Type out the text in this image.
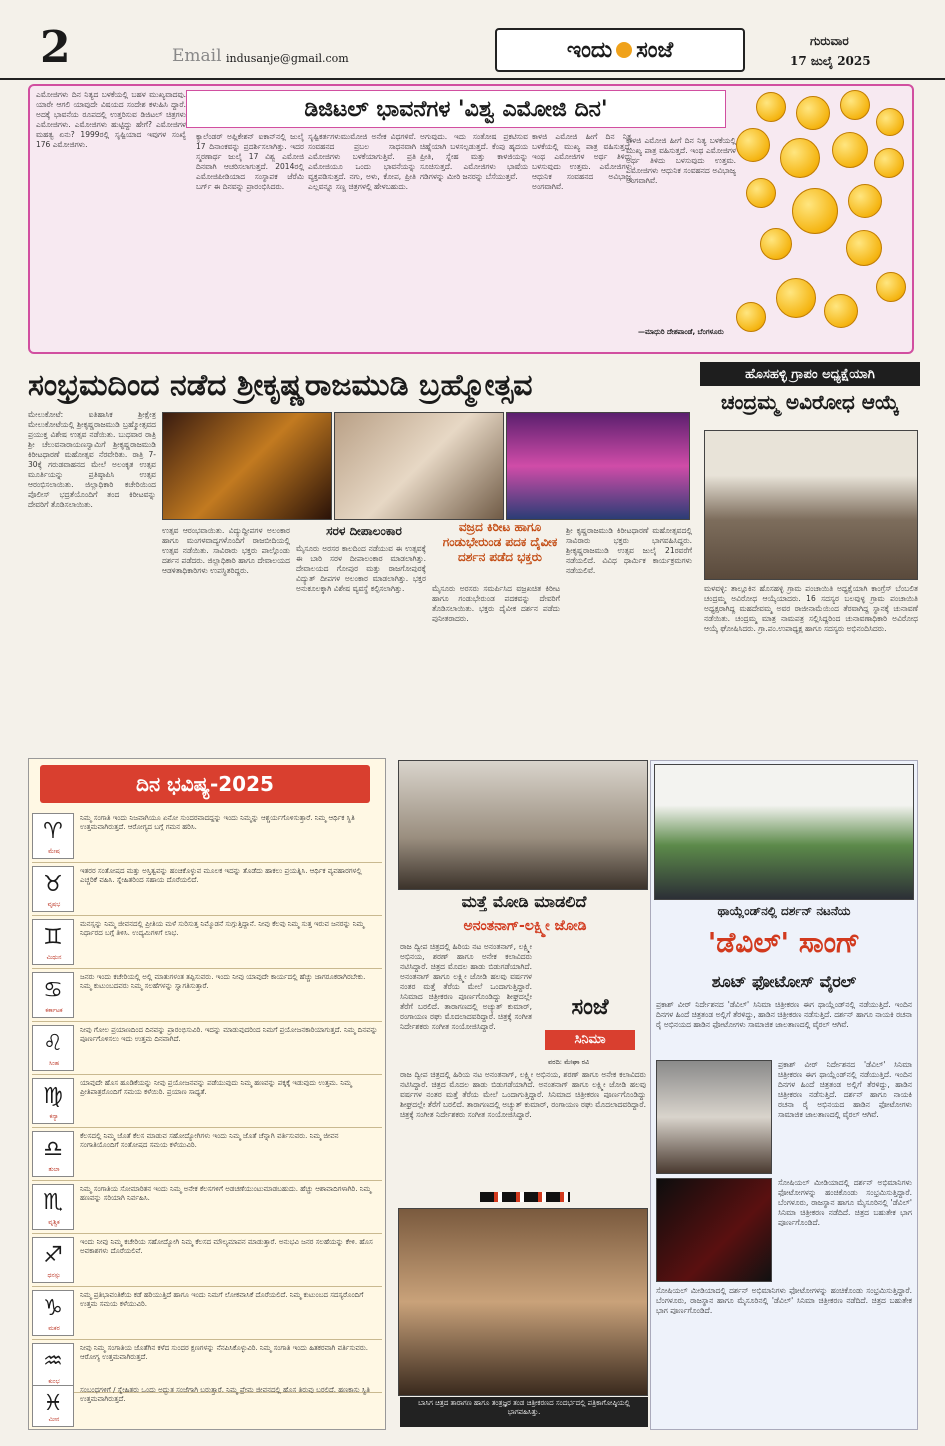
2	Email indusanje@gmail.com	ಇಂದು ಸಂಜೆ	ಗುರುವಾರ
17 ಜುಲೈ 2025
ಡಿಜಿಟಲ್ ಭಾವನೆಗಳ 'ವಿಶ್ವ ಎಮೋಜಿ ದಿನ'
ಎಮೋಜಿಗಳು ದಿನ ನಿತ್ಯದ ಬಳಕೆಯಲ್ಲಿ ಬಹಳ ಮುಖ್ಯವಾದವು. ಯಾರೇ ಆಗಲಿ ಯಾವುದೇ ವಿಷಯದ ಸಂದೇಶ ಕಳುಹಿಸಿ ದ್ದಾರೆ. ಅದಕ್ಕೆ ಭಾವನೆಯ ರೂಪದಲ್ಲಿ ಉತ್ತರಿಸುವ ಡಿಜಿಟಲ್ ಚಿತ್ರಗಳು ಎಮೋಜಿಗಳು. ಎಮೋಜಿಗಳು ಹುಟ್ಟಿದ್ದು ಹೇಗೆ? ಎಮೋಜಿಗಳ ಮಹತ್ವ ಏನು? 1999ರಲ್ಲಿ ಸೃಷ್ಟಿಯಾದ ಇವುಗಳ ಸಂಖ್ಯೆ 176 ಎಮೋಜಿಗಳು.
ಕ್ಯಾಲೆಂಡರ್ ಅಪ್ಲಿಕೇಶನ್ ಐಕಾನ್‌ನಲ್ಲಿ ಜುಲೈ 17 ದಿನಾಂಕವನ್ನು ಪ್ರದರ್ಶಿಸಲಾಗಿತ್ತು. ಇದರ ಸ್ಮರಣಾರ್ಥ ಜುಲೈ 17 ವಿಶ್ವ ಎಮೋಜಿ ದಿನವಾಗಿ ಆಚರಿಸಲಾಗುತ್ತದೆ. 2014ರಲ್ಲಿ ಎಮೋಜಿಪೀಡಿಯಾದ ಸಂಸ್ಥಾಪಕ ಜೆರೆಮಿ ಬರ್ಗ್ ಈ ದಿನವನ್ನು ಪ್ರಾರಂಭಿಸಿದರು.
ಸೃಷ್ಟಿಕರ್ತಗಳುಮುಮೋಜಿ ಅನೇಕ ವಿಧಗಳಿವೆ. ಸಂವಹನದ ಪ್ರಬಲ ಸಾಧನವಾಗಿ ಎಮೋಜಿಗಳು ಬಳಕೆಯಾಗುತ್ತಿವೆ. ಪ್ರತಿ ಎಮೋಜಿಯೂ ಒಂದು ಭಾವನೆಯನ್ನು ವ್ಯಕ್ತಪಡಿಸುತ್ತದೆ. ನಗು, ಅಳು, ಕೋಪ, ಪ್ರೀತಿ ಎಲ್ಲವನ್ನೂ ಸಣ್ಣ ಚಿತ್ರಗಳಲ್ಲಿ ಹೇಳಬಹುದು.
ಅಗುವುದು. ಇದು ಸಂತೋಷ ಪ್ರಕಟಿಸುವ ಚಿಹ್ನೆಯಾಗಿ ಬಳಸಲ್ಪಡುತ್ತದೆ. ಕೆಂಪು ಹೃದಯ ಪ್ರೀತಿ, ಸ್ನೇಹ ಮತ್ತು ಕಾಳಜಿಯನ್ನು ಸೂಚಿಸುತ್ತದೆ. ಎಮೋಜಿಗಳು ಭಾಷೆಯ ಗಡಿಗಳನ್ನು ಮೀರಿ ಜನರನ್ನು ಬೆಸೆಯುತ್ತವೆ.
ಕಾಳಜಿ ಎಮೋಜಿ ಹೀಗೆ ದಿನ ನಿತ್ಯ ಬಳಕೆಯಲ್ಲಿ ಮುಖ್ಯ ಪಾತ್ರ ವಹಿಸುತ್ತದೆ. ಇಂಥ ಎಮೋಜಿಗಳ ಅರ್ಥ ತಿಳಿದು ಬಳಸುವುದು ಉತ್ತಮ. ಎಮೋಜಿಗಳು ಆಧುನಿಕ ಸಂವಹನದ ಅವಿಭಾಜ್ಯ ಅಂಗವಾಗಿವೆ.
ಕಾಳಜಿ ಎಮೋಜಿ ಹೀಗೆ ದಿನ ನಿತ್ಯ ಬಳಕೆಯಲ್ಲಿ ಮುಖ್ಯ ಪಾತ್ರ ವಹಿಸುತ್ತದೆ. ಇಂಥ ಎಮೋಜಿಗಳ ಅರ್ಥ ತಿಳಿದು ಬಳಸುವುದು ಉತ್ತಮ. ಎಮೋಜಿಗಳು ಆಧುನಿಕ ಸಂವಹನದ ಅವಿಭಾಜ್ಯ ಅಂಗವಾಗಿವೆ.
—ಮಾಧುರಿ ದೇಶಪಾಂಡೆ, ಬೆಂಗಳೂರು
ಸಂಭ್ರಮದಿಂದ ನಡೆದ ಶ್ರೀಕೃಷ್ಣರಾಜಮುಡಿ ಬ್ರಹ್ಮೋತ್ಸವ
ಮೇಲುಕೋಟೆ: ಐತಿಹಾಸಿಕ ಶ್ರೀಕ್ಷೇತ್ರ ಮೇಲುಕೋಟೆಯಲ್ಲಿ ಶ್ರೀಕೃಷ್ಣರಾಜಮುಡಿ ಬ್ರಹ್ಮೋತ್ಸವದ ಪ್ರಯುಕ್ತ ವಿಶೇಷ ಉತ್ಸವ ನಡೆಯಿತು. ಬುಧವಾರ ರಾತ್ರಿ ಶ್ರೀ ಚೆಲುವನಾರಾಯಣಸ್ವಾಮಿಗೆ ಶ್ರೀಕೃಷ್ಣರಾಜಮುಡಿ ಕಿರೀಟಧಾರಣೆ ಮಹೋತ್ಸವ ನೆರವೇರಿತು. ರಾತ್ರಿ 7-30ಕ್ಕೆ ಗರುಡವಾಹನದ ಮೇಲೆ ಅಲಂಕೃತ ಉತ್ಸವ ಮೂರ್ತಿಯನ್ನು ಪ್ರತಿಷ್ಠಾಪಿಸಿ ಉತ್ಸವ ಆರಂಭಿಸಲಾಯಿತು. ಜಿಲ್ಲಾಧಿಕಾರಿ ಕಚೇರಿಯಿಂದ ಪೊಲೀಸ್ ಭದ್ರತೆಯೊಂದಿಗೆ ತಂದ ಕಿರೀಟವನ್ನು ದೇವರಿಗೆ ತೊಡಿಸಲಾಯಿತು.
ಉತ್ಸವ ಆರಂಭವಾಯಿತು. ವಿದ್ಯುದ್ದೀಪಗಳ ಅಲಂಕಾರ ಹಾಗೂ ಮಂಗಳವಾದ್ಯಗಳೊಂದಿಗೆ ರಾಜಬೀದಿಯಲ್ಲಿ ಉತ್ಸವ ನಡೆಯಿತು. ಸಾವಿರಾರು ಭಕ್ತರು ಪಾಲ್ಗೊಂಡು ದರ್ಶನ ಪಡೆದರು. ಜಿಲ್ಲಾಧಿಕಾರಿ ಹಾಗೂ ದೇವಾಲಯದ ಆಡಳಿತಾಧಿಕಾರಿಗಳು ಉಪಸ್ಥಿತರಿದ್ದರು.
ಸರಳ ದೀಪಾಲಂಕಾರ
ಮೈಸೂರು ಅರಸರ ಕಾಲದಿಂದ ನಡೆಯುವ ಈ ಉತ್ಸವಕ್ಕೆ ಈ ಬಾರಿ ಸರಳ ದೀಪಾಲಂಕಾರ ಮಾಡಲಾಗಿತ್ತು. ದೇವಾಲಯದ ಗೋಪುರ ಮತ್ತು ರಾಜಗೋಪುರಕ್ಕೆ ವಿದ್ಯುತ್ ದೀಪಗಳ ಅಲಂಕಾರ ಮಾಡಲಾಗಿತ್ತು. ಭಕ್ತರ ಅನುಕೂಲಕ್ಕಾಗಿ ವಿಶೇಷ ವ್ಯವಸ್ಥೆ ಕಲ್ಪಿಸಲಾಗಿತ್ತು.
ವಜ್ರದ ಕಿರೀಟ ಹಾಗೂ ಗಂಡುಭೇರುಂಡ ಪದಕ ದೈವೀಕ ದರ್ಶನ ಪಡೆದ ಭಕ್ತರು
ಮೈಸೂರು ಅರಸರು ಸಮರ್ಪಿಸಿದ ವಜ್ರಖಚಿತ ಕಿರೀಟ ಹಾಗೂ ಗಂಡುಭೇರುಂಡ ಪದಕವನ್ನು ದೇವರಿಗೆ ತೊಡಿಸಲಾಯಿತು. ಭಕ್ತರು ದೈವೀಕ ದರ್ಶನ ಪಡೆದು ಪುನೀತರಾದರು.
ಶ್ರೀ ಕೃಷ್ಣರಾಜಮುಡಿ ಕಿರೀಟಧಾರಣೆ ಮಹೋತ್ಸವದಲ್ಲಿ ಸಾವಿರಾರು ಭಕ್ತರು ಭಾಗವಹಿಸಿದ್ದರು. ಶ್ರೀಕೃಷ್ಣರಾಜಮುಡಿ ಉತ್ಸವ ಜುಲೈ 21ರವರೆಗೆ ನಡೆಯಲಿದೆ. ವಿವಿಧ ಧಾರ್ಮಿಕ ಕಾರ್ಯಕ್ರಮಗಳು ನಡೆಯಲಿವೆ.
ಹೊಸಹಳ್ಳಿ ಗ್ರಾಪಂ ಅಧ್ಯಕ್ಷೆಯಾಗಿ
ಚಂದ್ರಮ್ಮ ಅವಿರೋಧ ಆಯ್ಕೆ
ಮಳವಳ್ಳಿ: ತಾಲ್ಲೂಕಿನ ಹೊಸಹಳ್ಳಿ ಗ್ರಾಮ ಪಂಚಾಯಿತಿ ಅಧ್ಯಕ್ಷೆಯಾಗಿ ಕಾಂಗ್ರೆಸ್ ಬೆಂಬಲಿತ ಚಂದ್ರಮ್ಮ ಅವಿರೋಧ ಆಯ್ಕೆಯಾದರು. 16 ಸದಸ್ಯರ ಬಲವುಳ್ಳ ಗ್ರಾಮ ಪಂಚಾಯಿತಿ ಅಧ್ಯಕ್ಷರಾಗಿದ್ದ ಮಹದೇವಮ್ಮ ಅವರ ರಾಜೀನಾಮೆಯಿಂದ ತೆರವಾಗಿದ್ದ ಸ್ಥಾನಕ್ಕೆ ಚುನಾವಣೆ ನಡೆಯಿತು. ಚಂದ್ರಮ್ಮ ಮಾತ್ರ ನಾಮಪತ್ರ ಸಲ್ಲಿಸಿದ್ದರಿಂದ ಚುನಾವಣಾಧಿಕಾರಿ ಅವಿರೋಧ ಆಯ್ಕೆ ಘೋಷಿಸಿದರು. ಗ್ರಾ.ಪಂ.ಉಪಾಧ್ಯಕ್ಷ ಹಾಗೂ ಸದಸ್ಯರು ಅಭಿನಂದಿಸಿದರು.
ದಿನ ಭವಿಷ್ಯ-2025
♈
ಮೇಷ
ನಿಮ್ಮ ಸಂಗಾತಿ ಇಂದು ನಿಜವಾಗಿಯೂ ಏನೋ ಸುಂದರವಾದದ್ದನ್ನು ಇಂದು ನಿಮ್ಮನ್ನು ಆಶ್ಚರ್ಯಗೊಳಿಸುತ್ತಾರೆ. ನಿಮ್ಮ ಆರ್ಥಿಕ ಸ್ಥಿತಿ ಉತ್ತಮವಾಗಿರುತ್ತದೆ. ಆರೋಗ್ಯದ ಬಗ್ಗೆ ಗಮನ ಹರಿಸಿ.
♉
ವೃಷಭ
ಇತರರ ಸಂತೋಷದ ಮತ್ತು ಅಸ್ತಿತ್ವವನ್ನು ಹಂಚಿಕೊಳ್ಳುವ ಮೂಲಕ ಇದನ್ನು ತೊಡೆದು ಹಾಕಲು ಪ್ರಯತ್ನಿಸಿ. ಆರ್ಥಿಕ ವ್ಯವಹಾರಗಳಲ್ಲಿ ಎಚ್ಚರಿಕೆ ವಹಿಸಿ. ಸ್ನೇಹಿತರಿಂದ ಸಹಾಯ ದೊರೆಯಲಿದೆ.
♊
ಮಿಥುನ
ಮನಸ್ಸನ್ನು ನಿಮ್ಮ ಜೀವನದಲ್ಲಿ ಪ್ರೀತಿಯ ಮಳೆ ಸುರಿಸುತ್ತ ನಿಮ್ಮೊಡನೆ ಸುಗ್ಗುತ್ತಿದ್ದಾನೆ. ನೀವು ಕೆಲವು ನಿಮ್ಮ ಸುತ್ತ ಇರುವ ಜನರನ್ನು ನಿಮ್ಮ ನಿರ್ಧಾರದ ಬಗ್ಗೆ ತಿಳಿಸಿ. ಉದ್ಯಮಿಗಳಿಗೆ ಲಾಭ.
♋
ಕರ್ಕಾಟಕ
ಜನರು ಇಂದು ಕಚೇರಿಯಲ್ಲಿ ಅಲ್ಲಿ ಮಾತುಗಳಂತ ತಪ್ಪಿಸುವರು. ಇಂದು ನೀವು ಯಾವುದೇ ಕಾರ್ಯದಲ್ಲಿ ಹೆಚ್ಚು ಜಾಗರೂಕರಾಗಿರಬೇಕು. ನಿಮ್ಮ ಕುಟುಂಬದವರು ನಿಮ್ಮ ಸಲಹೆಗಳನ್ನು ಸ್ವಾಗತಿಸುತ್ತಾರೆ.
♌
ಸಿಂಹ
ನೀವು ಗೋಲ ಪ್ರಯಾಣದಿಂದ ದಿನವನ್ನು ಪ್ರಾರಂಭಿಸುವಿರಿ. ಇದನ್ನು ಮಾಡುವುದರಿಂದ ನಿಮಗೆ ಪ್ರಯೋಜನಕಾರಿಯಾಗುತ್ತದೆ. ನಿಮ್ಮ ದಿನವನ್ನು ಪೂರ್ಣಗೊಳಿಸಲು ಇದು ಉತ್ತಮ ದಿನವಾಗಿದೆ.
♍
ಕನ್ಯಾ
ಯಾವುದೇ ಹೊಸ ಹೂಡಿಕೆಯನ್ನು ನೀವು ಪ್ರಯೋಜನವನ್ನು ಪಡೆಯುವುದು ನಿಮ್ಮ ಹಣವನ್ನು ಪಕ್ಕಕ್ಕೆ ಇಡುವುದು ಉತ್ತಮ. ನಿಮ್ಮ ಪ್ರೀತಿಪಾತ್ರರೊಂದಿಗೆ ಸಮಯ ಕಳೆಯಿರಿ. ಪ್ರಯಾಣ ಸಾಧ್ಯತೆ.
♎
ತುಲಾ
ಕೆಲಸದಲ್ಲಿ ನಿಮ್ಮ ಜೊತೆ ಕೆಲಸ ಮಾಡುವ ಸಹೋದ್ಯೋಗಿಗಳು ಇಂದು ನಿಮ್ಮ ಜೊತೆ ಚೆನ್ನಾಗಿ ವರ್ತಿಸುವರು. ನಿಮ್ಮ ಜೀವನ ಸಂಗಾತಿಯೊಂದಿಗೆ ಸಂತೋಷದ ಸಮಯ ಕಳೆಯುವಿರಿ.
♏
ವೃಶ್ಚಿಕ
ನಿಮ್ಮ ಸಂಗಾತಿಯ ಸೋಮಾರಿತನ ಇಂದು ನಿಮ್ಮ ಅನೇಕ ಕೆಲಸಗಳಿಗೆ ಅಡಚಣೆಯುಂಟುಮಾಡಬಹುದು. ಹೆಚ್ಚು ಆಶಾವಾದಿಗಳಾಗಿರಿ. ನಿಮ್ಮ ಹಣವನ್ನು ಸರಿಯಾಗಿ ನಿರ್ವಹಿಸಿ.
♐
ಧನಸ್ಸು
ಇಂದು ನೀವು ನಿಮ್ಮ ಕಚೇರಿಯ ಸಹೋದ್ಯೋಗಿ ನಿಮ್ಮ ಕೆಲಸದ ಮೌಲ್ಯಮಾಪನ ಮಾಡುತ್ತಾರೆ. ಅನುಭವಿ ಜನರ ಸಲಹೆಯನ್ನು ಕೇಳಿ. ಹೊಸ ಅವಕಾಶಗಳು ದೊರೆಯಲಿವೆ.
♑
ಮಕರ
ನಿಮ್ಮ ಪ್ರತಿಭಾವಂತಿಕೆಯ ಕಡೆ ಹರಿಯುತ್ತಿದೆ ಹಾಗೂ ಇಂದು ನಿಮಗೆ ಲೋಕವಾಸಿಕೆ ದೊರೆಯಲಿದೆ. ನಿಮ್ಮ ಕುಟುಂಬದ ಸದಸ್ಯರೊಂದಿಗೆ ಉತ್ತಮ ಸಮಯ ಕಳೆಯುವಿರಿ.
♒
ಕುಂಭ
ನೀವು ನಿಮ್ಮ ಸಂಗಾತಿಯ ಜೊತೆಗಿನ ಕಳೆದ ಸುಂದರ ಕ್ಷಣಗಳನ್ನು ನೆನಪಿಸಿಕೊಳ್ಳುವಿರಿ. ನಿಮ್ಮ ಸಂಗಾತಿ ಇಂದು ಹಿತಕರವಾಗಿ ವರ್ತಿಸುವರು. ಆರೋಗ್ಯ ಉತ್ತಮವಾಗಿರುತ್ತದೆ.
♓
ಮೀನ
ಸಂಬಂಧಗಳಿಗೆ / ಸ್ನೇಹಿತರು ಒಂದು ಅದ್ಭುತ ಸಂಜೆಗಾಗಿ ಬರುತ್ತಾರೆ. ನಿಮ್ಮ ಪ್ರೇಮ ಜೀವನದಲ್ಲಿ ಹೊಸ ತಿರುವು ಬರಲಿದೆ. ಹಣಕಾಸು ಸ್ಥಿತಿ ಉತ್ತಮವಾಗಿರುತ್ತದೆ.
ಮತ್ತೆ ಮೋಡಿ ಮಾಡಲಿದೆ
ಅನಂತನಾಗ್-ಲಕ್ಷ್ಮೀ ಜೋಡಿ
ರಾಜ ದ್ವೀಪ ಚಿತ್ರದಲ್ಲಿ ಹಿರಿಯ ನಟ ಅನಂತನಾಗ್, ಲಕ್ಷ್ಮೀ ಅಭಿನಯ, ಶರಣ್ ಹಾಗೂ ಅನೇಕ ಕಲಾವಿದರು ನಟಿಸಿದ್ದಾರೆ. ಚಿತ್ರದ ಮೊದಲ ಹಾಡು ಬಿಡುಗಡೆಯಾಗಿದೆ. ಅನಂತನಾಗ್ ಹಾಗೂ ಲಕ್ಷ್ಮೀ ಜೋಡಿ ಹಲವು ವರ್ಷಗಳ ನಂತರ ಮತ್ತೆ ತೆರೆಯ ಮೇಲೆ ಒಂದಾಗುತ್ತಿದ್ದಾರೆ. ಸಿನಿಮಾದ ಚಿತ್ರೀಕರಣ ಪೂರ್ಣಗೊಂಡಿದ್ದು ಶೀಘ್ರದಲ್ಲೇ ತೆರೆಗೆ ಬರಲಿದೆ. ತಾರಾಗಣದಲ್ಲಿ ಅಚ್ಯುತ್ ಕುಮಾರ್, ರಂಗಾಯಣ ರಘು ಮೊದಲಾದವರಿದ್ದಾರೆ. ಚಿತ್ರಕ್ಕೆ ಸಂಗೀತ ನಿರ್ದೇಶಕರು ಸಂಗೀತ ಸಂಯೋಜಿಸಿದ್ದಾರೆ.
ಸಂಜೆ
ಸಿನಿಮಾ
ವರದಿ: ಮೇಘಾ ರವಿ
ರಾಜ ದ್ವೀಪ ಚಿತ್ರದಲ್ಲಿ ಹಿರಿಯ ನಟ ಅನಂತನಾಗ್, ಲಕ್ಷ್ಮೀ ಅಭಿನಯ, ಶರಣ್ ಹಾಗೂ ಅನೇಕ ಕಲಾವಿದರು ನಟಿಸಿದ್ದಾರೆ. ಚಿತ್ರದ ಮೊದಲ ಹಾಡು ಬಿಡುಗಡೆಯಾಗಿದೆ. ಅನಂತನಾಗ್ ಹಾಗೂ ಲಕ್ಷ್ಮೀ ಜೋಡಿ ಹಲವು ವರ್ಷಗಳ ನಂತರ ಮತ್ತೆ ತೆರೆಯ ಮೇಲೆ ಒಂದಾಗುತ್ತಿದ್ದಾರೆ. ಸಿನಿಮಾದ ಚಿತ್ರೀಕರಣ ಪೂರ್ಣಗೊಂಡಿದ್ದು ಶೀಘ್ರದಲ್ಲೇ ತೆರೆಗೆ ಬರಲಿದೆ. ತಾರಾಗಣದಲ್ಲಿ ಅಚ್ಯುತ್ ಕುಮಾರ್, ರಂಗಾಯಣ ರಘು ಮೊದಲಾದವರಿದ್ದಾರೆ. ಚಿತ್ರಕ್ಕೆ ಸಂಗೀತ ನಿರ್ದೇಶಕರು ಸಂಗೀತ ಸಂಯೋಜಿಸಿದ್ದಾರೆ.
ಬಾಸಿಗ ಚಿತ್ರದ ತಾರಾಗಣ ಹಾಗೂ ತಂತ್ರಜ್ಞರ ತಂಡ ಚಿತ್ರೀಕರಣದ ಸಂದರ್ಭದಲ್ಲಿ ಪತ್ರಿಕಾಗೋಷ್ಠಿಯಲ್ಲಿ ಭಾಗವಹಿಸಿತ್ತು.
ಥಾಯ್ಲೆಂಡ್‌ನಲ್ಲಿ ದರ್ಶನ್ ನಟನೆಯ
'ಡೆವಿಲ್' ಸಾಂಗ್
ಶೂಟ್ ಫೋಟೋಸ್ ವೈರಲ್
ಪ್ರಕಾಶ್ ವೀರ್ ನಿರ್ದೇಶನದ 'ಡೆವಿಲ್' ಸಿನಿಮಾ ಚಿತ್ರೀಕರಣ ಈಗ ಥಾಯ್ಲೆಂಡ್‌ನಲ್ಲಿ ನಡೆಯುತ್ತಿದೆ. ಇಂದಿನ ದಿನಗಳ ಹಿಂದೆ ಚಿತ್ರತಂಡ ಅಲ್ಲಿಗೆ ತೆರಳಿದ್ದು, ಹಾಡಿನ ಚಿತ್ರೀಕರಣ ನಡೆಸುತ್ತಿದೆ. ದರ್ಶನ್ ಹಾಗೂ ನಾಯಕಿ ರಚನಾ ರೈ ಅಭಿನಯದ ಹಾಡಿನ ಫೋಟೋಗಳು ಸಾಮಾಜಿಕ ಜಾಲತಾಣದಲ್ಲಿ ವೈರಲ್ ಆಗಿವೆ.
ಪ್ರಕಾಶ್ ವೀರ್ ನಿರ್ದೇಶನದ 'ಡೆವಿಲ್' ಸಿನಿಮಾ ಚಿತ್ರೀಕರಣ ಈಗ ಥಾಯ್ಲೆಂಡ್‌ನಲ್ಲಿ ನಡೆಯುತ್ತಿದೆ. ಇಂದಿನ ದಿನಗಳ ಹಿಂದೆ ಚಿತ್ರತಂಡ ಅಲ್ಲಿಗೆ ತೆರಳಿದ್ದು, ಹಾಡಿನ ಚಿತ್ರೀಕರಣ ನಡೆಸುತ್ತಿದೆ. ದರ್ಶನ್ ಹಾಗೂ ನಾಯಕಿ ರಚನಾ ರೈ ಅಭಿನಯದ ಹಾಡಿನ ಫೋಟೋಗಳು ಸಾಮಾಜಿಕ ಜಾಲತಾಣದಲ್ಲಿ ವೈರಲ್ ಆಗಿವೆ.
ಸೋಷಿಯಲ್ ಮೀಡಿಯಾದಲ್ಲಿ ದರ್ಶನ್ ಅಭಿಮಾನಿಗಳು ಫೋಟೋಗಳನ್ನು ಹಂಚಿಕೊಂಡು ಸಂಭ್ರಮಿಸುತ್ತಿದ್ದಾರೆ. ಬೆಂಗಳೂರು, ರಾಜಸ್ಥಾನ ಹಾಗೂ ಮೈಸೂರಿನಲ್ಲಿ 'ಡೆವಿಲ್' ಸಿನಿಮಾ ಚಿತ್ರೀಕರಣ ನಡೆದಿದೆ. ಚಿತ್ರದ ಬಹುತೇಕ ಭಾಗ ಪೂರ್ಣಗೊಂಡಿದೆ.
ಸೋಷಿಯಲ್ ಮೀಡಿಯಾದಲ್ಲಿ ದರ್ಶನ್ ಅಭಿಮಾನಿಗಳು ಫೋಟೋಗಳನ್ನು ಹಂಚಿಕೊಂಡು ಸಂಭ್ರಮಿಸುತ್ತಿದ್ದಾರೆ. ಬೆಂಗಳೂರು, ರಾಜಸ್ಥಾನ ಹಾಗೂ ಮೈಸೂರಿನಲ್ಲಿ 'ಡೆವಿಲ್' ಸಿನಿಮಾ ಚಿತ್ರೀಕರಣ ನಡೆದಿದೆ. ಚಿತ್ರದ ಬಹುತೇಕ ಭಾಗ ಪೂರ್ಣಗೊಂಡಿದೆ.
